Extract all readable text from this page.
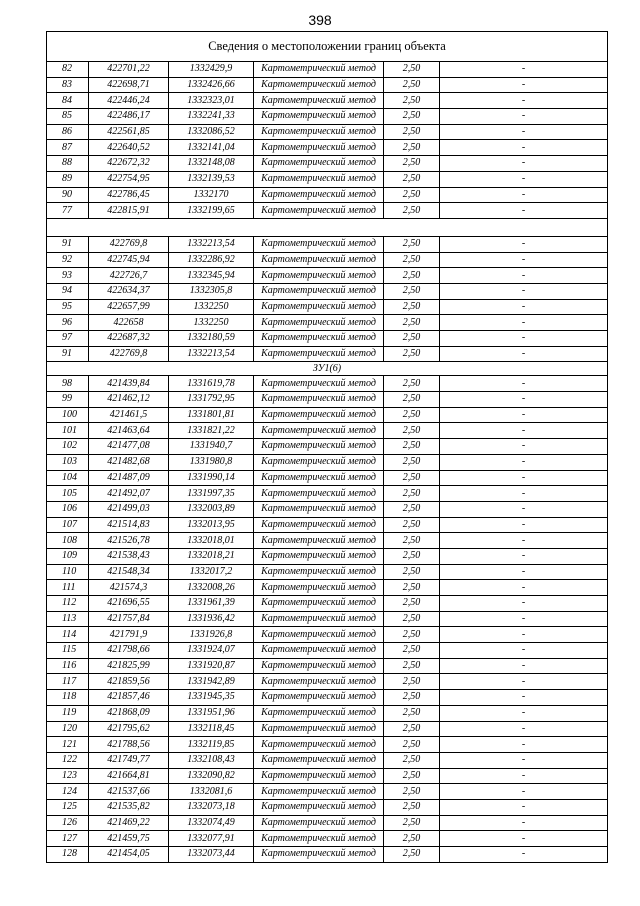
398
Сведения о местоположении границ объекта					
82	422701,22	1332429,9	Картометрический метод	2,50	-
83	422698,71	1332426,66	Картометрический метод	2,50	-
84	422446,24	1332323,01	Картометрический метод	2,50	-
85	422486,17	1332241,33	Картометрический метод	2,50	-
86	422561,85	1332086,52	Картометрический метод	2,50	-
87	422640,52	1332141,04	Картометрический метод	2,50	-
88	422672,32	1332148,08	Картометрический метод	2,50	-
89	422754,95	1332139,53	Картометрический метод	2,50	-
90	422786,45	1332170	Картометрический метод	2,50	-
77	422815,91	1332199,65	Картометрический метод	2,50	-

91	422769,8	1332213,54	Картометрический метод	2,50	-
92	422745,94	1332286,92	Картометрический метод	2,50	-
93	422726,7	1332345,94	Картометрический метод	2,50	-
94	422634,37	1332305,8	Картометрический метод	2,50	-
95	422657,99	1332250	Картометрический метод	2,50	-
96	422658	1332250	Картометрический метод	2,50	-
97	422687,32	1332180,59	Картометрический метод	2,50	-
91	422769,8	1332213,54	Картометрический метод	2,50	-
ЗУ1(6)					
98	421439,84	1331619,78	Картометрический метод	2,50	-
99	421462,12	1331792,95	Картометрический метод	2,50	-
100	421461,5	1331801,81	Картометрический метод	2,50	-
101	421463,64	1331821,22	Картометрический метод	2,50	-
102	421477,08	1331940,7	Картометрический метод	2,50	-
103	421482,68	1331980,8	Картометрический метод	2,50	-
104	421487,09	1331990,14	Картометрический метод	2,50	-
105	421492,07	1331997,35	Картометрический метод	2,50	-
106	421499,03	1332003,89	Картометрический метод	2,50	-
107	421514,83	1332013,95	Картометрический метод	2,50	-
108	421526,78	1332018,01	Картометрический метод	2,50	-
109	421538,43	1332018,21	Картометрический метод	2,50	-
110	421548,34	1332017,2	Картометрический метод	2,50	-
111	421574,3	1332008,26	Картометрический метод	2,50	-
112	421696,55	1331961,39	Картометрический метод	2,50	-
113	421757,84	1331936,42	Картометрический метод	2,50	-
114	421791,9	1331926,8	Картометрический метод	2,50	-
115	421798,66	1331924,07	Картометрический метод	2,50	-
116	421825,99	1331920,87	Картометрический метод	2,50	-
117	421859,56	1331942,89	Картометрический метод	2,50	-
118	421857,46	1331945,35	Картометрический метод	2,50	-
119	421868,09	1331951,96	Картометрический метод	2,50	-
120	421795,62	1332118,45	Картометрический метод	2,50	-
121	421788,56	1332119,85	Картометрический метод	2,50	-
122	421749,77	1332108,43	Картометрический метод	2,50	-
123	421664,81	1332090,82	Картометрический метод	2,50	-
124	421537,66	1332081,6	Картометрический метод	2,50	-
125	421535,82	1332073,18	Картометрический метод	2,50	-
126	421469,22	1332074,49	Картометрический метод	2,50	-
127	421459,75	1332077,91	Картометрический метод	2,50	-
128	421454,05	1332073,44	Картометрический метод	2,50	-
